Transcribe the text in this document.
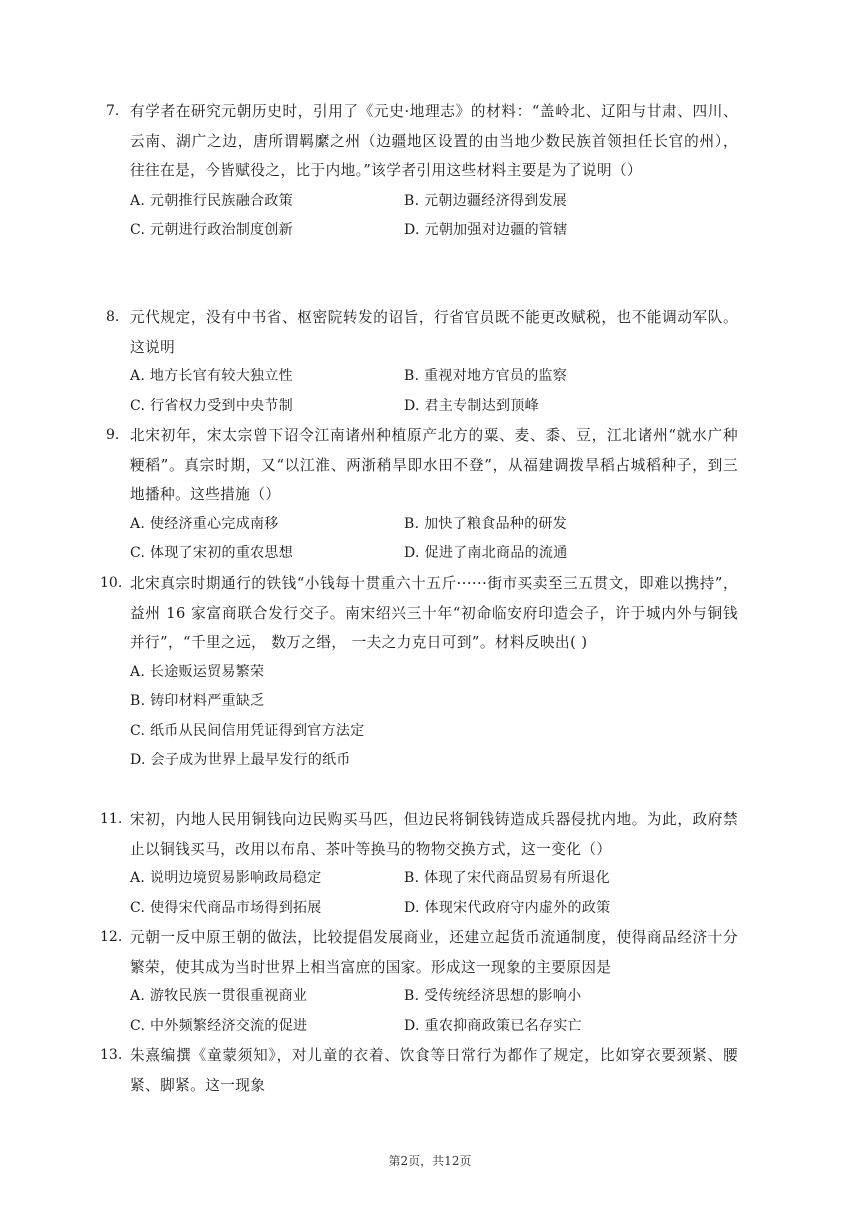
7. 有学者在研究元朝历史时，引用了《元史·地理志》的材料：“盖岭北、辽阳与甘肃、四川、云南、湖广之边，唐所谓羁縻之州（边疆地区设置的由当地少数民族首领担任长官的州），往往在是，今皆赋役之，比于内地。”该学者引用这些材料主要是为了说明（）
A. 元朝推行民族融合政策	B. 元朝边疆经济得到发展
C. 元朝进行政治制度创新	D. 元朝加强对边疆的管辖
8. 元代规定，没有中书省、枢密院转发的诏旨，行省官员既不能更改赋税，也不能调动军队。这说明
A. 地方长官有较大独立性	B. 重视对地方官员的监察
C. 行省权力受到中央节制	D. 君主专制达到顶峰
9. 北宋初年，宋太宗曾下诏令江南诸州种植原产北方的粟、麦、黍、豆，江北诸州“就水广种粳稻”。真宗时期，又“以江淮、两浙稍旱即水田不登”，从福建调拨旱稻占城稻种子，到三地播种。这些措施（）
A. 使经济重心完成南移	B. 加快了粮食品种的研发
C. 体现了宋初的重农思想	D. 促进了南北商品的流通
10. 北宋真宗时期通行的铁钱“小钱每十贯重六十五斤······街市买卖至三五贯文，即难以携持”， 益州 16 家富商联合发行交子。南宋绍兴三十年“初命临安府印造会子，许于城内外与铜钱并行”，“千里之远， 数万之缗， 一夫之力克日可到”。材料反映出( )
A. 长途贩运贸易繁荣
B. 铸印材料严重缺乏
C. 纸币从民间信用凭证得到官方法定
D. 会子成为世界上最早发行的纸币
11. 宋初，内地人民用铜钱向边民购买马匹，但边民将铜钱铸造成兵器侵扰内地。为此，政府禁止以铜钱买马，改用以布帛、茶叶等换马的物物交换方式，这一变化（）
A. 说明边境贸易影响政局稳定	B. 体现了宋代商品贸易有所退化
C. 使得宋代商品市场得到拓展	D. 体现宋代政府守内虚外的政策
12. 元朝一反中原王朝的做法，比较提倡发展商业，还建立起货币流通制度，使得商品经济十分繁荣，使其成为当时世界上相当富庶的国家。形成这一现象的主要原因是
A. 游牧民族一贯很重视商业	B. 受传统经济思想的影响小
C. 中外频繁经济交流的促进	D. 重农抑商政策已名存实亡
13. 朱熹编撰《童蒙须知》，对儿童的衣着、饮食等日常行为都作了规定，比如穿衣要颈紧、腰紧、脚紧。这一现象
第2页，共12页
